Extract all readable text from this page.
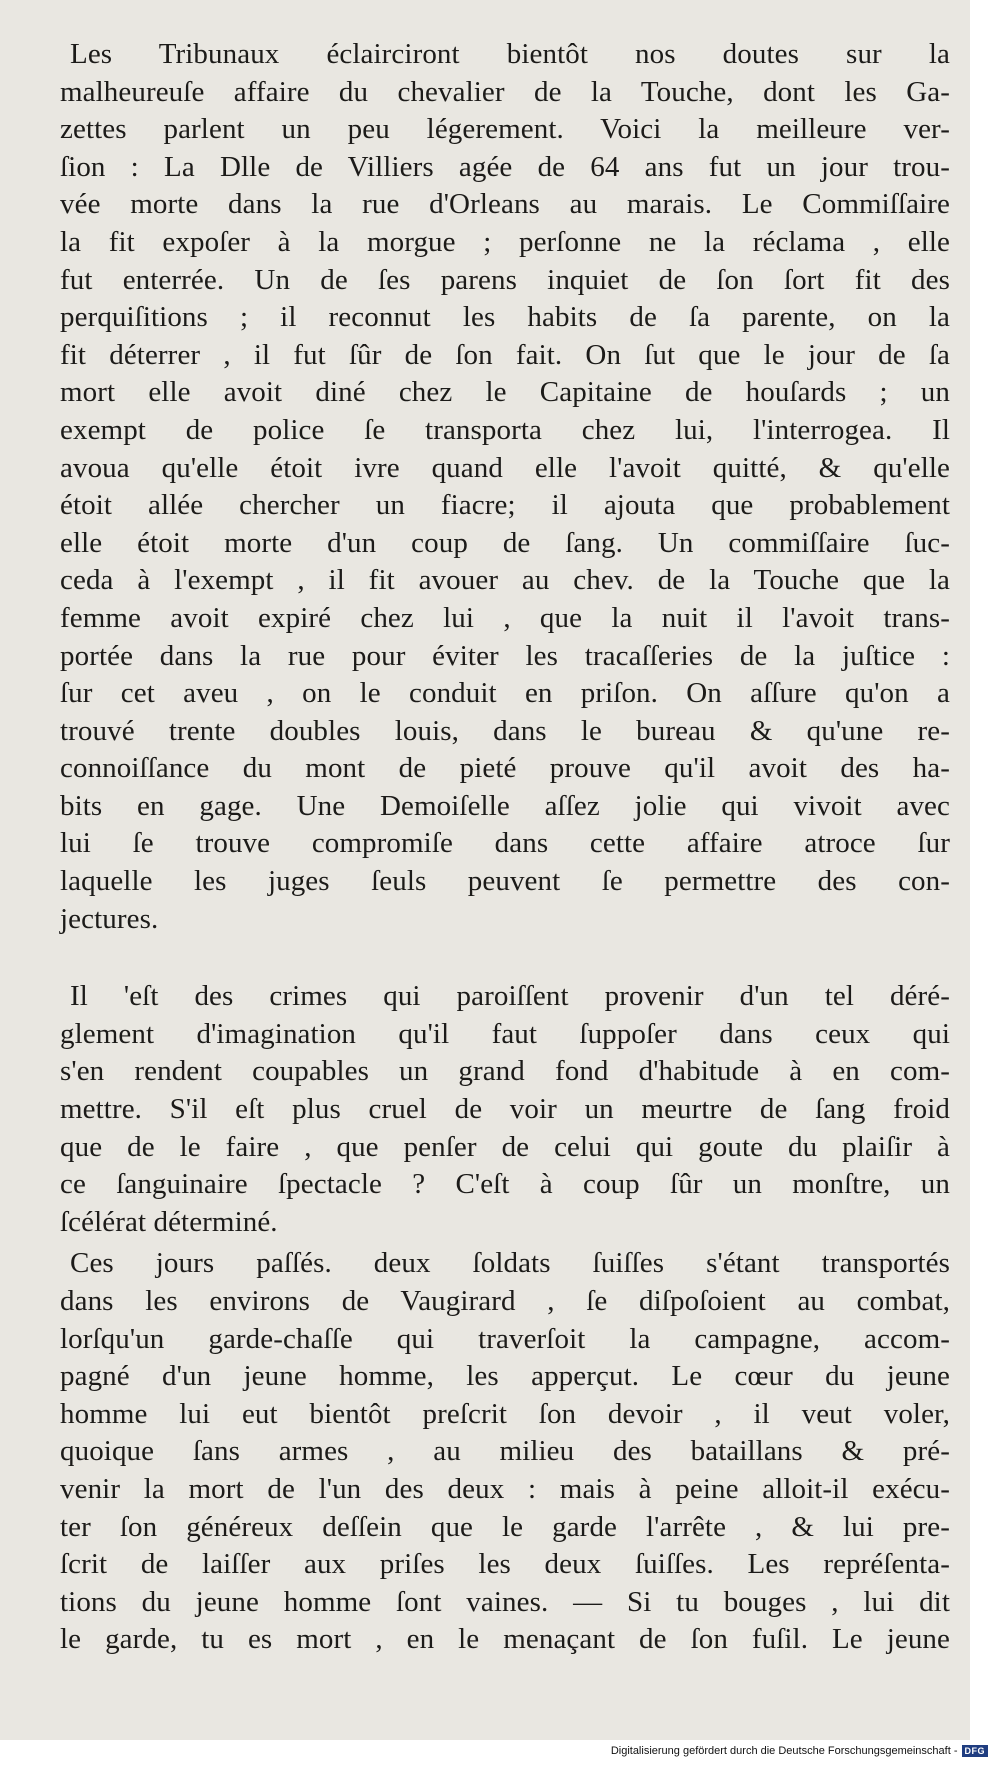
Les Tribunaux éclairciront bientôt nos doutes sur la
malheureuſe affaire du chevalier de la Touche, dont les Ga-
zettes parlent un peu légerement. Voici la meilleure ver-
ſion : La Dlle de Villiers agée de 64 ans fut un jour trou-
vée morte dans la rue d'Orleans au marais. Le Commiſſaire
la fit expoſer à la morgue ; perſonne ne la réclama , elle
fut enterrée. Un de ſes parens inquiet de ſon ſort fit des
perquiſitions ; il reconnut les habits de ſa parente, on la
fit déterrer , il fut ſûr de ſon fait. On ſut que le jour de ſa
mort elle avoit diné chez le Capitaine de houſards ; un
exempt de police ſe transporta chez lui, l'interrogea. Il
avoua qu'elle étoit ivre quand elle l'avoit quitté, & qu'elle
étoit allée chercher un fiacre; il ajouta que probablement
elle étoit morte d'un coup de ſang. Un commiſſaire ſuc-
ceda à l'exempt , il fit avouer au chev. de la Touche que la
femme avoit expiré chez lui , que la nuit il l'avoit trans-
portée dans la rue pour éviter les tracaſſeries de la juſtice :
ſur cet aveu , on le conduit en priſon. On aſſure qu'on a
trouvé trente doubles louis, dans le bureau & qu'une re-
connoiſſance du mont de pieté prouve qu'il avoit des ha-
bits en gage. Une Demoiſelle aſſez jolie qui vivoit avec
lui ſe trouve compromiſe dans cette affaire atroce ſur
laquelle les juges ſeuls peuvent ſe permettre des con-
jectures.
Il 'eſt des crimes qui paroiſſent provenir d'un tel déré-
glement d'imagination qu'il faut ſuppoſer dans ceux qui
s'en rendent coupables un grand fond d'habitude à en com-
mettre. S'il eſt plus cruel de voir un meurtre de ſang froid
que de le faire , que penſer de celui qui goute du plaiſir à
ce ſanguinaire ſpectacle ? C'eſt à coup ſûr un monſtre, un
ſcélérat déterminé.
Ces jours paſſés. deux ſoldats ſuiſſes s'étant transportés
dans les environs de Vaugirard , ſe diſpoſoient au combat,
lorſqu'un garde-chaſſe qui traverſoit la campagne, accom-
pagné d'un jeune homme, les apperçut. Le cœur du jeune
homme lui eut bientôt preſcrit ſon devoir , il veut voler,
quoique ſans armes , au milieu des bataillans & pré-
venir la mort de l'un des deux : mais à peine alloit-il exécu-
ter ſon généreux deſſein que le garde l'arrête , & lui pre-
ſcrit de laiſſer aux priſes les deux ſuiſſes. Les repréſenta-
tions du jeune homme ſont vaines. — Si tu bouges , lui dit
le garde, tu es mort , en le menaçant de ſon fuſil. Le jeune
Digitalisierung gefördert durch die Deutsche Forschungsgemeinschaft - DFG
